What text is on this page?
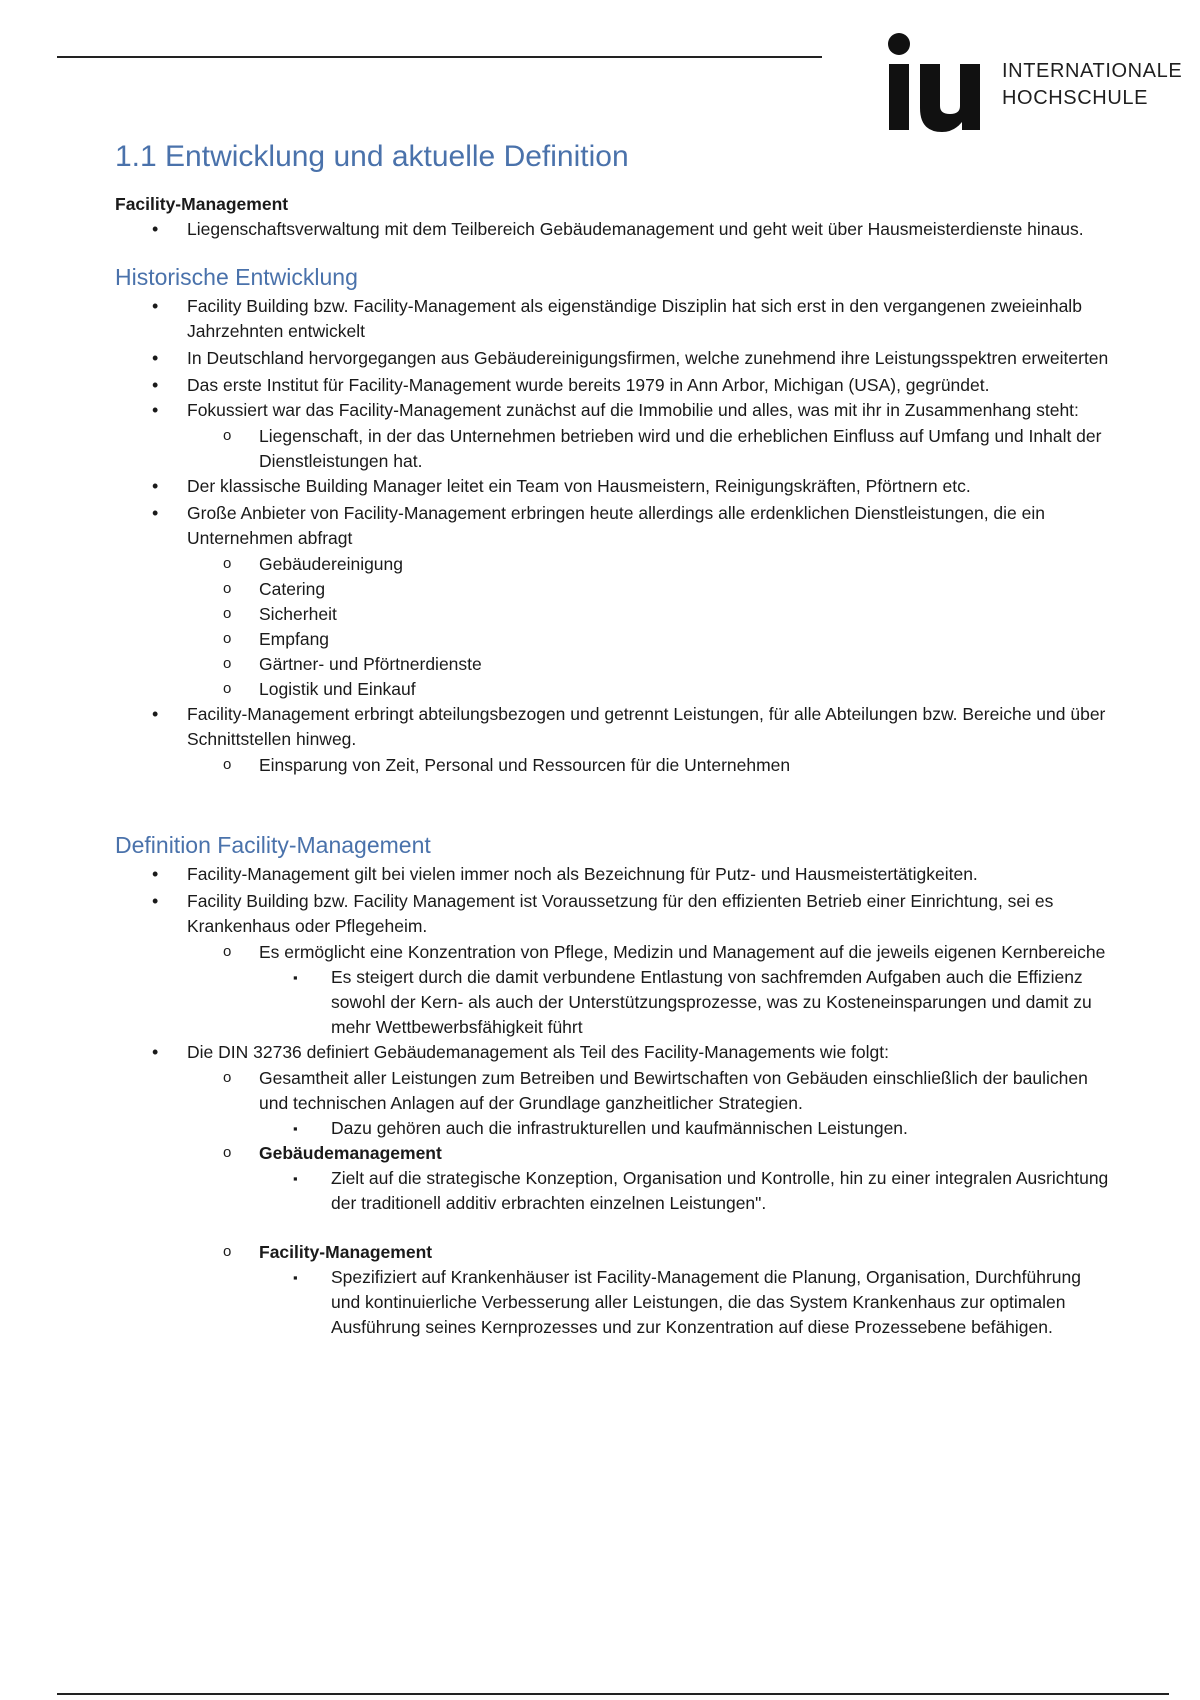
INTERNATIONALE
HOCHSCHULE
1.1 Entwicklung und aktuelle Definition
Facility-Management
• Liegenschaftsverwaltung mit dem Teilbereich Gebäudemanagement und geht weit über Hausmeisterdienste hinaus.
Historische Entwicklung
• Facility Building bzw. Facility-Management als eigenständige Disziplin hat sich erst in den vergangenen zweieinhalb Jahrzehnten entwickelt
• In Deutschland hervorgegangen aus Gebäudereinigungsfirmen, welche zunehmend ihre Leistungsspektren erweiterten
• Das erste Institut für Facility-Management wurde bereits 1979 in Ann Arbor, Michigan (USA), gegründet.
• Fokussiert war das Facility-Management zunächst auf die Immobilie und alles, was mit ihr in Zusammenhang steht:
o Liegenschaft, in der das Unternehmen betrieben wird und die erheblichen Einfluss auf Umfang und Inhalt der Dienstleistungen hat.
• Der klassische Building Manager leitet ein Team von Hausmeistern, Reinigungskräften, Pförtnern etc.
• Große Anbieter von Facility-Management erbringen heute allerdings alle erdenklichen Dienstleistungen, die ein Unternehmen abfragt
o Gebäudereinigung
o Catering
o Sicherheit
o Empfang
o Gärtner- und Pförtnerdienste
o Logistik und Einkauf
• Facility-Management erbringt abteilungsbezogen und getrennt Leistungen, für alle Abteilungen bzw. Bereiche und über Schnittstellen hinweg.
o Einsparung von Zeit, Personal und Ressourcen für die Unternehmen
Definition Facility-Management
• Facility-Management gilt bei vielen immer noch als Bezeichnung für Putz- und Hausmeistertätigkeiten.
• Facility Building bzw. Facility Management ist Voraussetzung für den effizienten Betrieb einer Einrichtung, sei es Krankenhaus oder Pflegeheim.
o Es ermöglicht eine Konzentration von Pflege, Medizin und Management auf die jeweils eigenen Kernbereiche
▪ Es steigert durch die damit verbundene Entlastung von sachfremden Aufgaben auch die Effizienz sowohl der Kern- als auch der Unterstützungsprozesse, was zu Kosteneinsparungen und damit zu mehr Wettbewerbsfähigkeit führt
• Die DIN 32736 definiert Gebäudemanagement als Teil des Facility-Managements wie folgt:
o Gesamtheit aller Leistungen zum Betreiben und Bewirtschaften von Gebäuden einschließlich der baulichen und technischen Anlagen auf der Grundlage ganzheitlicher Strategien.
▪ Dazu gehören auch die infrastrukturellen und kaufmännischen Leistungen.
o Gebäudemanagement
▪ Zielt auf die strategische Konzeption, Organisation und Kontrolle, hin zu einer integralen Ausrichtung der traditionell additiv erbrachten einzelnen Leistungen".
o Facility-Management
▪ Spezifiziert auf Krankenhäuser ist Facility-Management die Planung, Organisation, Durchführung und kontinuierliche Verbesserung aller Leistungen, die das System Krankenhaus zur optimalen Ausführung seines Kernprozesses und zur Konzentration auf diese Prozessebene befähigen.
